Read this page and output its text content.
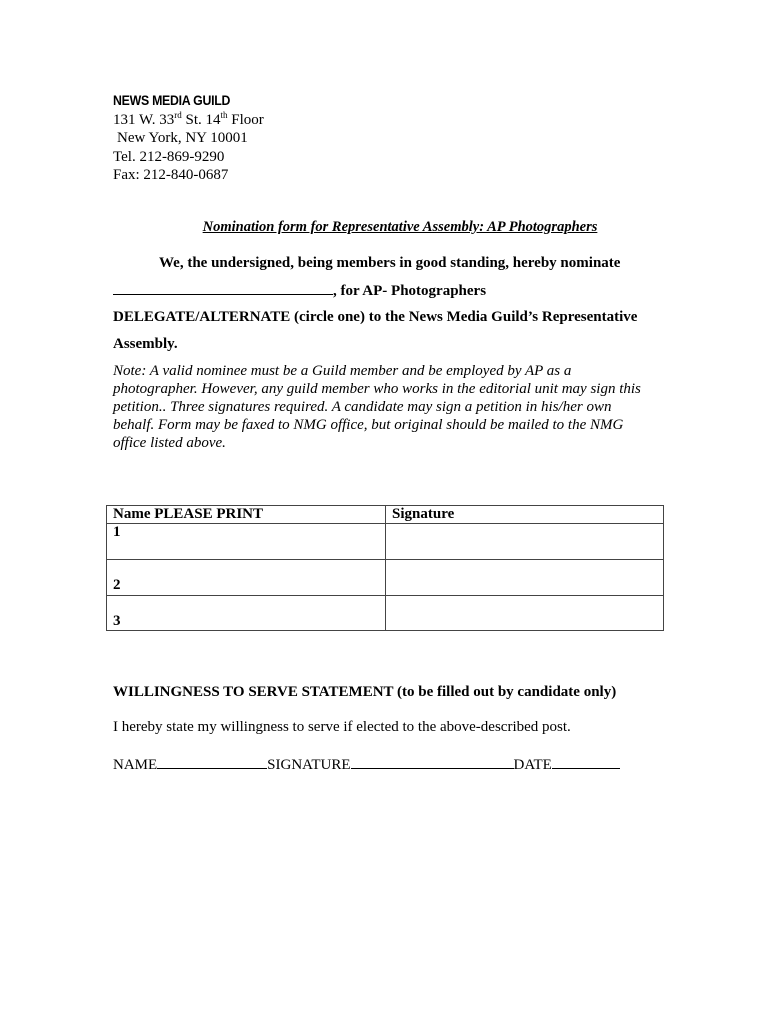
NEWS MEDIA GUILD
131 W. 33rd St. 14th Floor
New York, NY 10001
Tel. 212-869-9290
Fax: 212-840-0687
Nomination form for Representative Assembly: AP Photographers
We, the undersigned, being members in good standing, hereby nominate
, for AP- Photographers
DELEGATE/ALTERNATE (circle one) to the News Media Guild’s Representative
Assembly.
Note: A valid nominee must be a Guild member and be employed by AP as a photographer. However, any guild member who works in the editorial unit may sign this petition.. Three signatures required. A candidate may sign a petition in his/her own behalf. Form may be faxed to NMG office, but original should be mailed to the NMG office listed above.
Name PLEASE PRINT	Signature
1	

2	

3	

WILLINGNESS TO SERVE STATEMENT (to be filled out by candidate only)
I hereby state my willingness to serve if elected to the above-described post.
NAME	SIGNATURE	DATE
